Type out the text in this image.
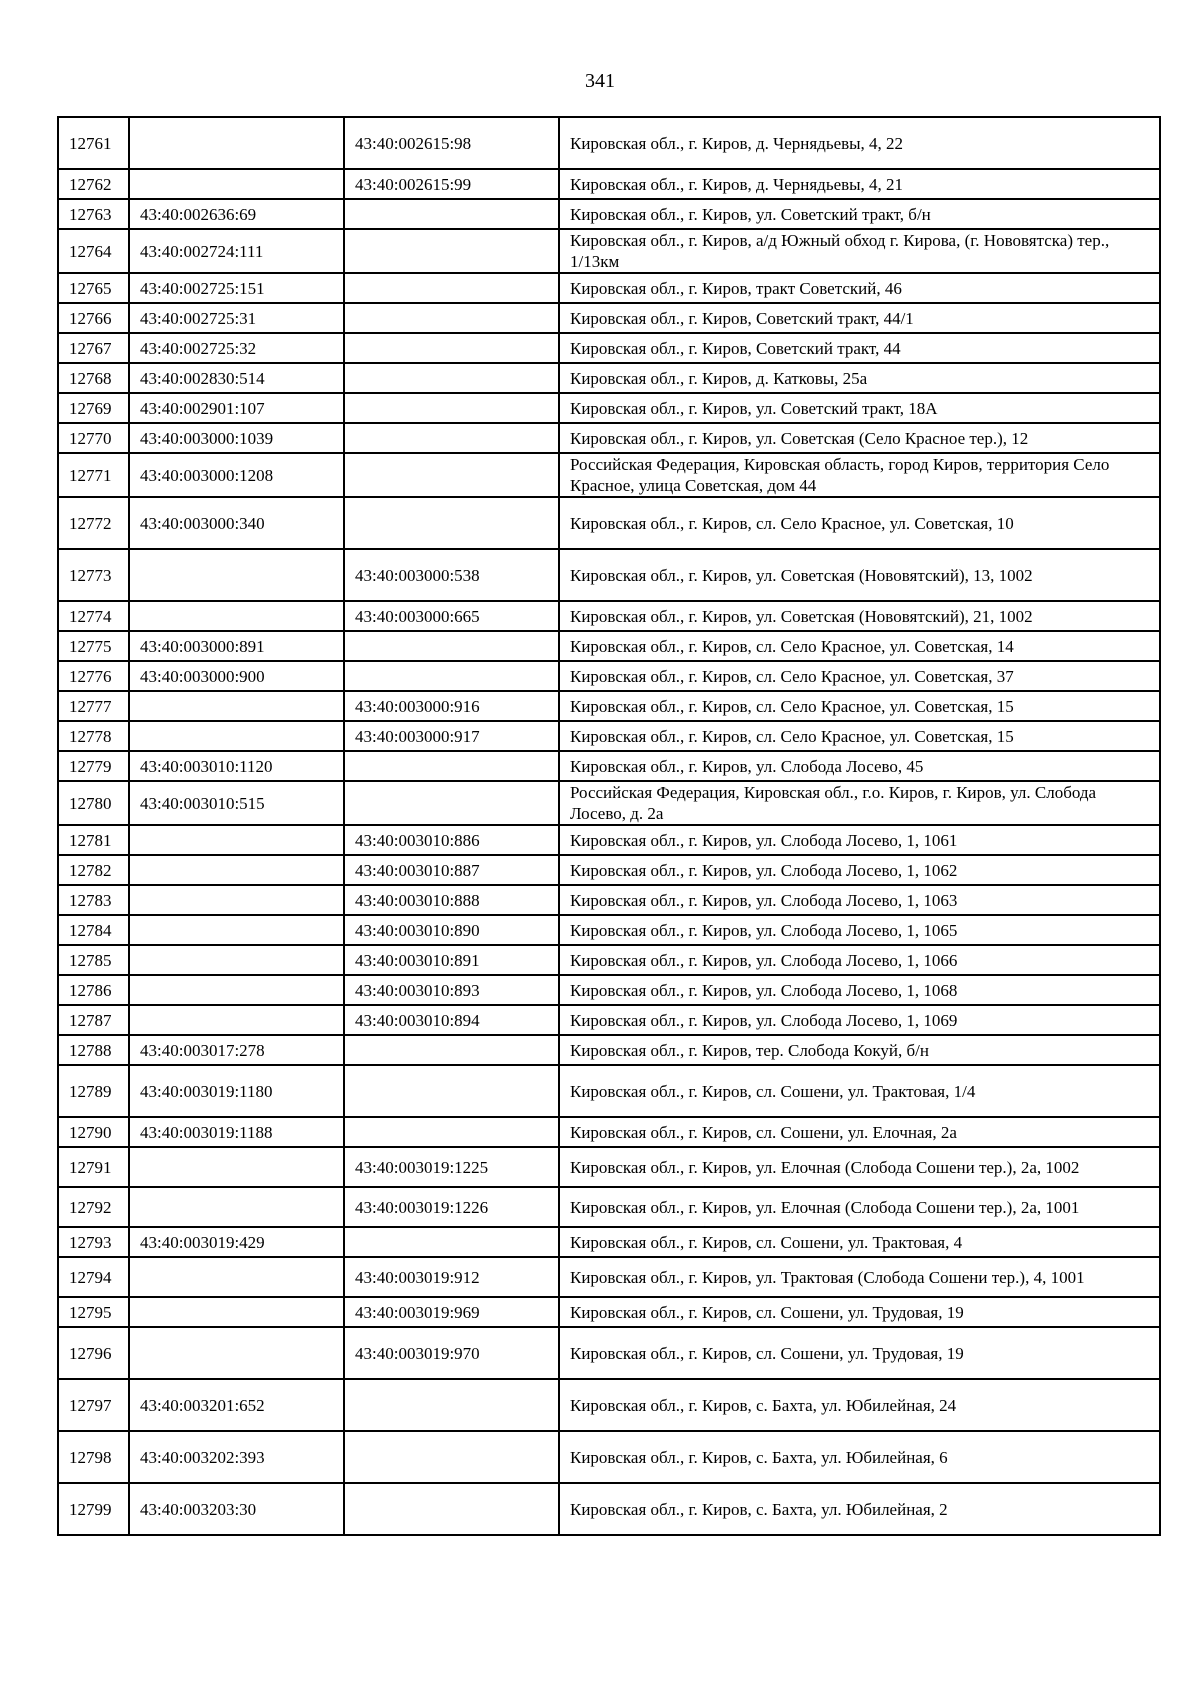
341
12761		43:40:002615:98	Кировская обл., г. Киров, д. Чернядьевы, 4, 22
12762		43:40:002615:99	Кировская обл., г. Киров, д. Чернядьевы, 4, 21
12763	43:40:002636:69		Кировская обл., г. Киров, ул. Советский тракт, б/н
12764	43:40:002724:111		Кировская обл., г. Киров, а/д Южный обход г. Кирова, (г. Нововятска) тер., 1/13км
12765	43:40:002725:151		Кировская обл., г. Киров, тракт Советский, 46
12766	43:40:002725:31		Кировская обл., г. Киров, Советский тракт, 44/1
12767	43:40:002725:32		Кировская обл., г. Киров, Советский тракт, 44
12768	43:40:002830:514		Кировская обл., г. Киров, д. Катковы, 25а
12769	43:40:002901:107		Кировская обл., г. Киров, ул. Советский тракт, 18А
12770	43:40:003000:1039		Кировская обл., г. Киров, ул. Советская (Село Красное тер.), 12
12771	43:40:003000:1208		Российская Федерация, Кировская область, город Киров, территория Село Красное, улица Советская, дом 44
12772	43:40:003000:340		Кировская обл., г. Киров, сл. Село Красное, ул. Советская, 10
12773		43:40:003000:538	Кировская обл., г. Киров, ул. Советская (Нововятский), 13, 1002
12774		43:40:003000:665	Кировская обл., г. Киров, ул. Советская (Нововятский), 21, 1002
12775	43:40:003000:891		Кировская обл., г. Киров, сл. Село Красное, ул. Советская, 14
12776	43:40:003000:900		Кировская обл., г. Киров, сл. Село Красное, ул. Советская, 37
12777		43:40:003000:916	Кировская обл., г. Киров, сл. Село Красное, ул. Советская, 15
12778		43:40:003000:917	Кировская обл., г. Киров, сл. Село Красное, ул. Советская, 15
12779	43:40:003010:1120		Кировская обл., г. Киров, ул. Слобода Лосево, 45
12780	43:40:003010:515		Российская Федерация, Кировская обл., г.о. Киров, г. Киров, ул. Слобода Лосево, д. 2а
12781		43:40:003010:886	Кировская обл., г. Киров, ул. Слобода Лосево, 1, 1061
12782		43:40:003010:887	Кировская обл., г. Киров, ул. Слобода Лосево, 1, 1062
12783		43:40:003010:888	Кировская обл., г. Киров, ул. Слобода Лосево, 1, 1063
12784		43:40:003010:890	Кировская обл., г. Киров, ул. Слобода Лосево, 1, 1065
12785		43:40:003010:891	Кировская обл., г. Киров, ул. Слобода Лосево, 1, 1066
12786		43:40:003010:893	Кировская обл., г. Киров, ул. Слобода Лосево, 1, 1068
12787		43:40:003010:894	Кировская обл., г. Киров, ул. Слобода Лосево, 1, 1069
12788	43:40:003017:278		Кировская обл., г. Киров, тер. Слобода Кокуй, б/н
12789	43:40:003019:1180		Кировская обл., г. Киров, сл. Сошени, ул. Трактовая, 1/4
12790	43:40:003019:1188		Кировская обл., г. Киров, сл. Сошени, ул. Елочная, 2а
12791		43:40:003019:1225	Кировская обл., г. Киров, ул. Елочная (Слобода Сошени тер.), 2а, 1002
12792		43:40:003019:1226	Кировская обл., г. Киров, ул. Елочная (Слобода Сошени тер.), 2а, 1001
12793	43:40:003019:429		Кировская обл., г. Киров, сл. Сошени, ул. Трактовая, 4
12794		43:40:003019:912	Кировская обл., г. Киров, ул. Трактовая (Слобода Сошени тер.), 4, 1001
12795		43:40:003019:969	Кировская обл., г. Киров, сл. Сошени, ул. Трудовая, 19
12796		43:40:003019:970	Кировская обл., г. Киров, сл. Сошени, ул. Трудовая, 19
12797	43:40:003201:652		Кировская обл., г. Киров, с. Бахта, ул. Юбилейная, 24
12798	43:40:003202:393		Кировская обл., г. Киров, с. Бахта, ул. Юбилейная, 6
12799	43:40:003203:30		Кировская обл., г. Киров, с. Бахта, ул. Юбилейная, 2
